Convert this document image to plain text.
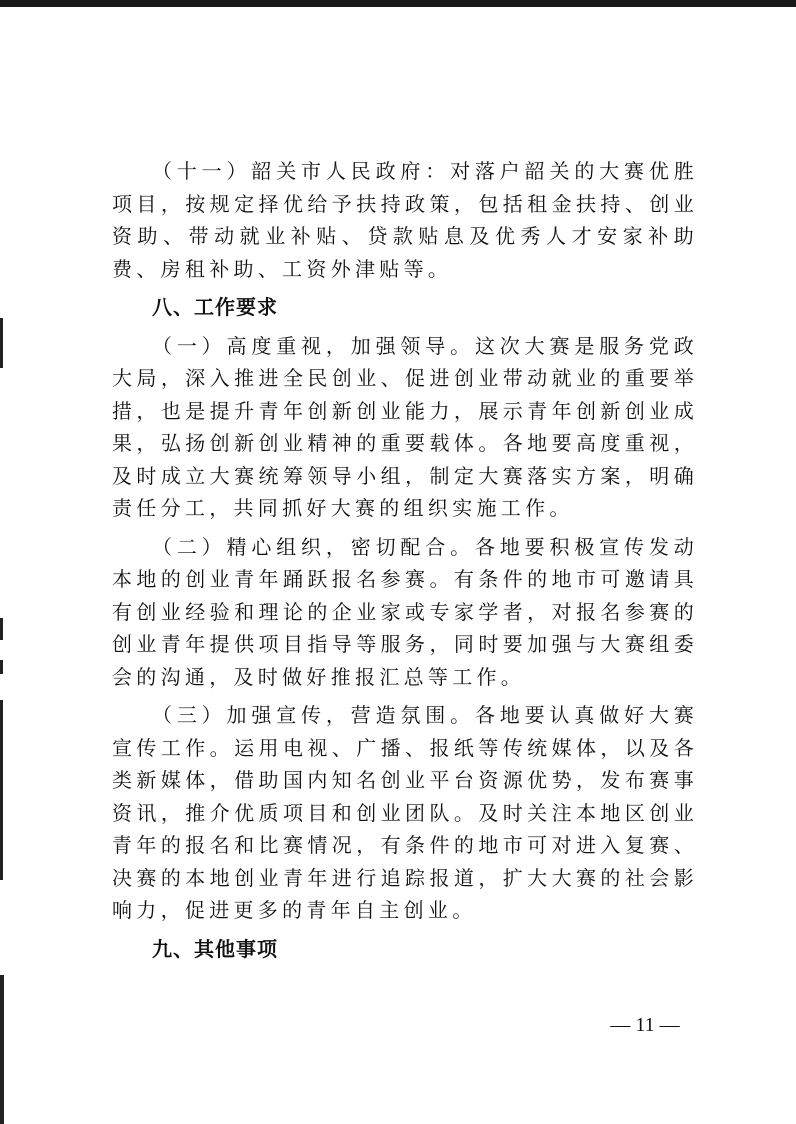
（十一）韶关市人民政府：对落户韶关的大赛优胜项目，按规定择优给予扶持政策，包括租金扶持、创业资助、带动就业补贴、贷款贴息及优秀人才安家补助费、房租补助、工资外津贴等。

八、工作要求

（一）高度重视，加强领导。这次大赛是服务党政大局，深入推进全民创业、促进创业带动就业的重要举措，也是提升青年创新创业能力，展示青年创新创业成果，弘扬创新创业精神的重要载体。各地要高度重视，及时成立大赛统筹领导小组，制定大赛落实方案，明确责任分工，共同抓好大赛的组织实施工作。

（二）精心组织，密切配合。各地要积极宣传发动本地的创业青年踊跃报名参赛。有条件的地市可邀请具有创业经验和理论的企业家或专家学者，对报名参赛的创业青年提供项目指导等服务，同时要加强与大赛组委会的沟通，及时做好推报汇总等工作。

（三）加强宣传，营造氛围。各地要认真做好大赛宣传工作。运用电视、广播、报纸等传统媒体，以及各类新媒体，借助国内知名创业平台资源优势，发布赛事资讯，推介优质项目和创业团队。及时关注本地区创业青年的报名和比赛情况，有条件的地市可对进入复赛、决赛的本地创业青年进行追踪报道，扩大大赛的社会影响力，促进更多的青年自主创业。

九、其他事项

— 11 —
